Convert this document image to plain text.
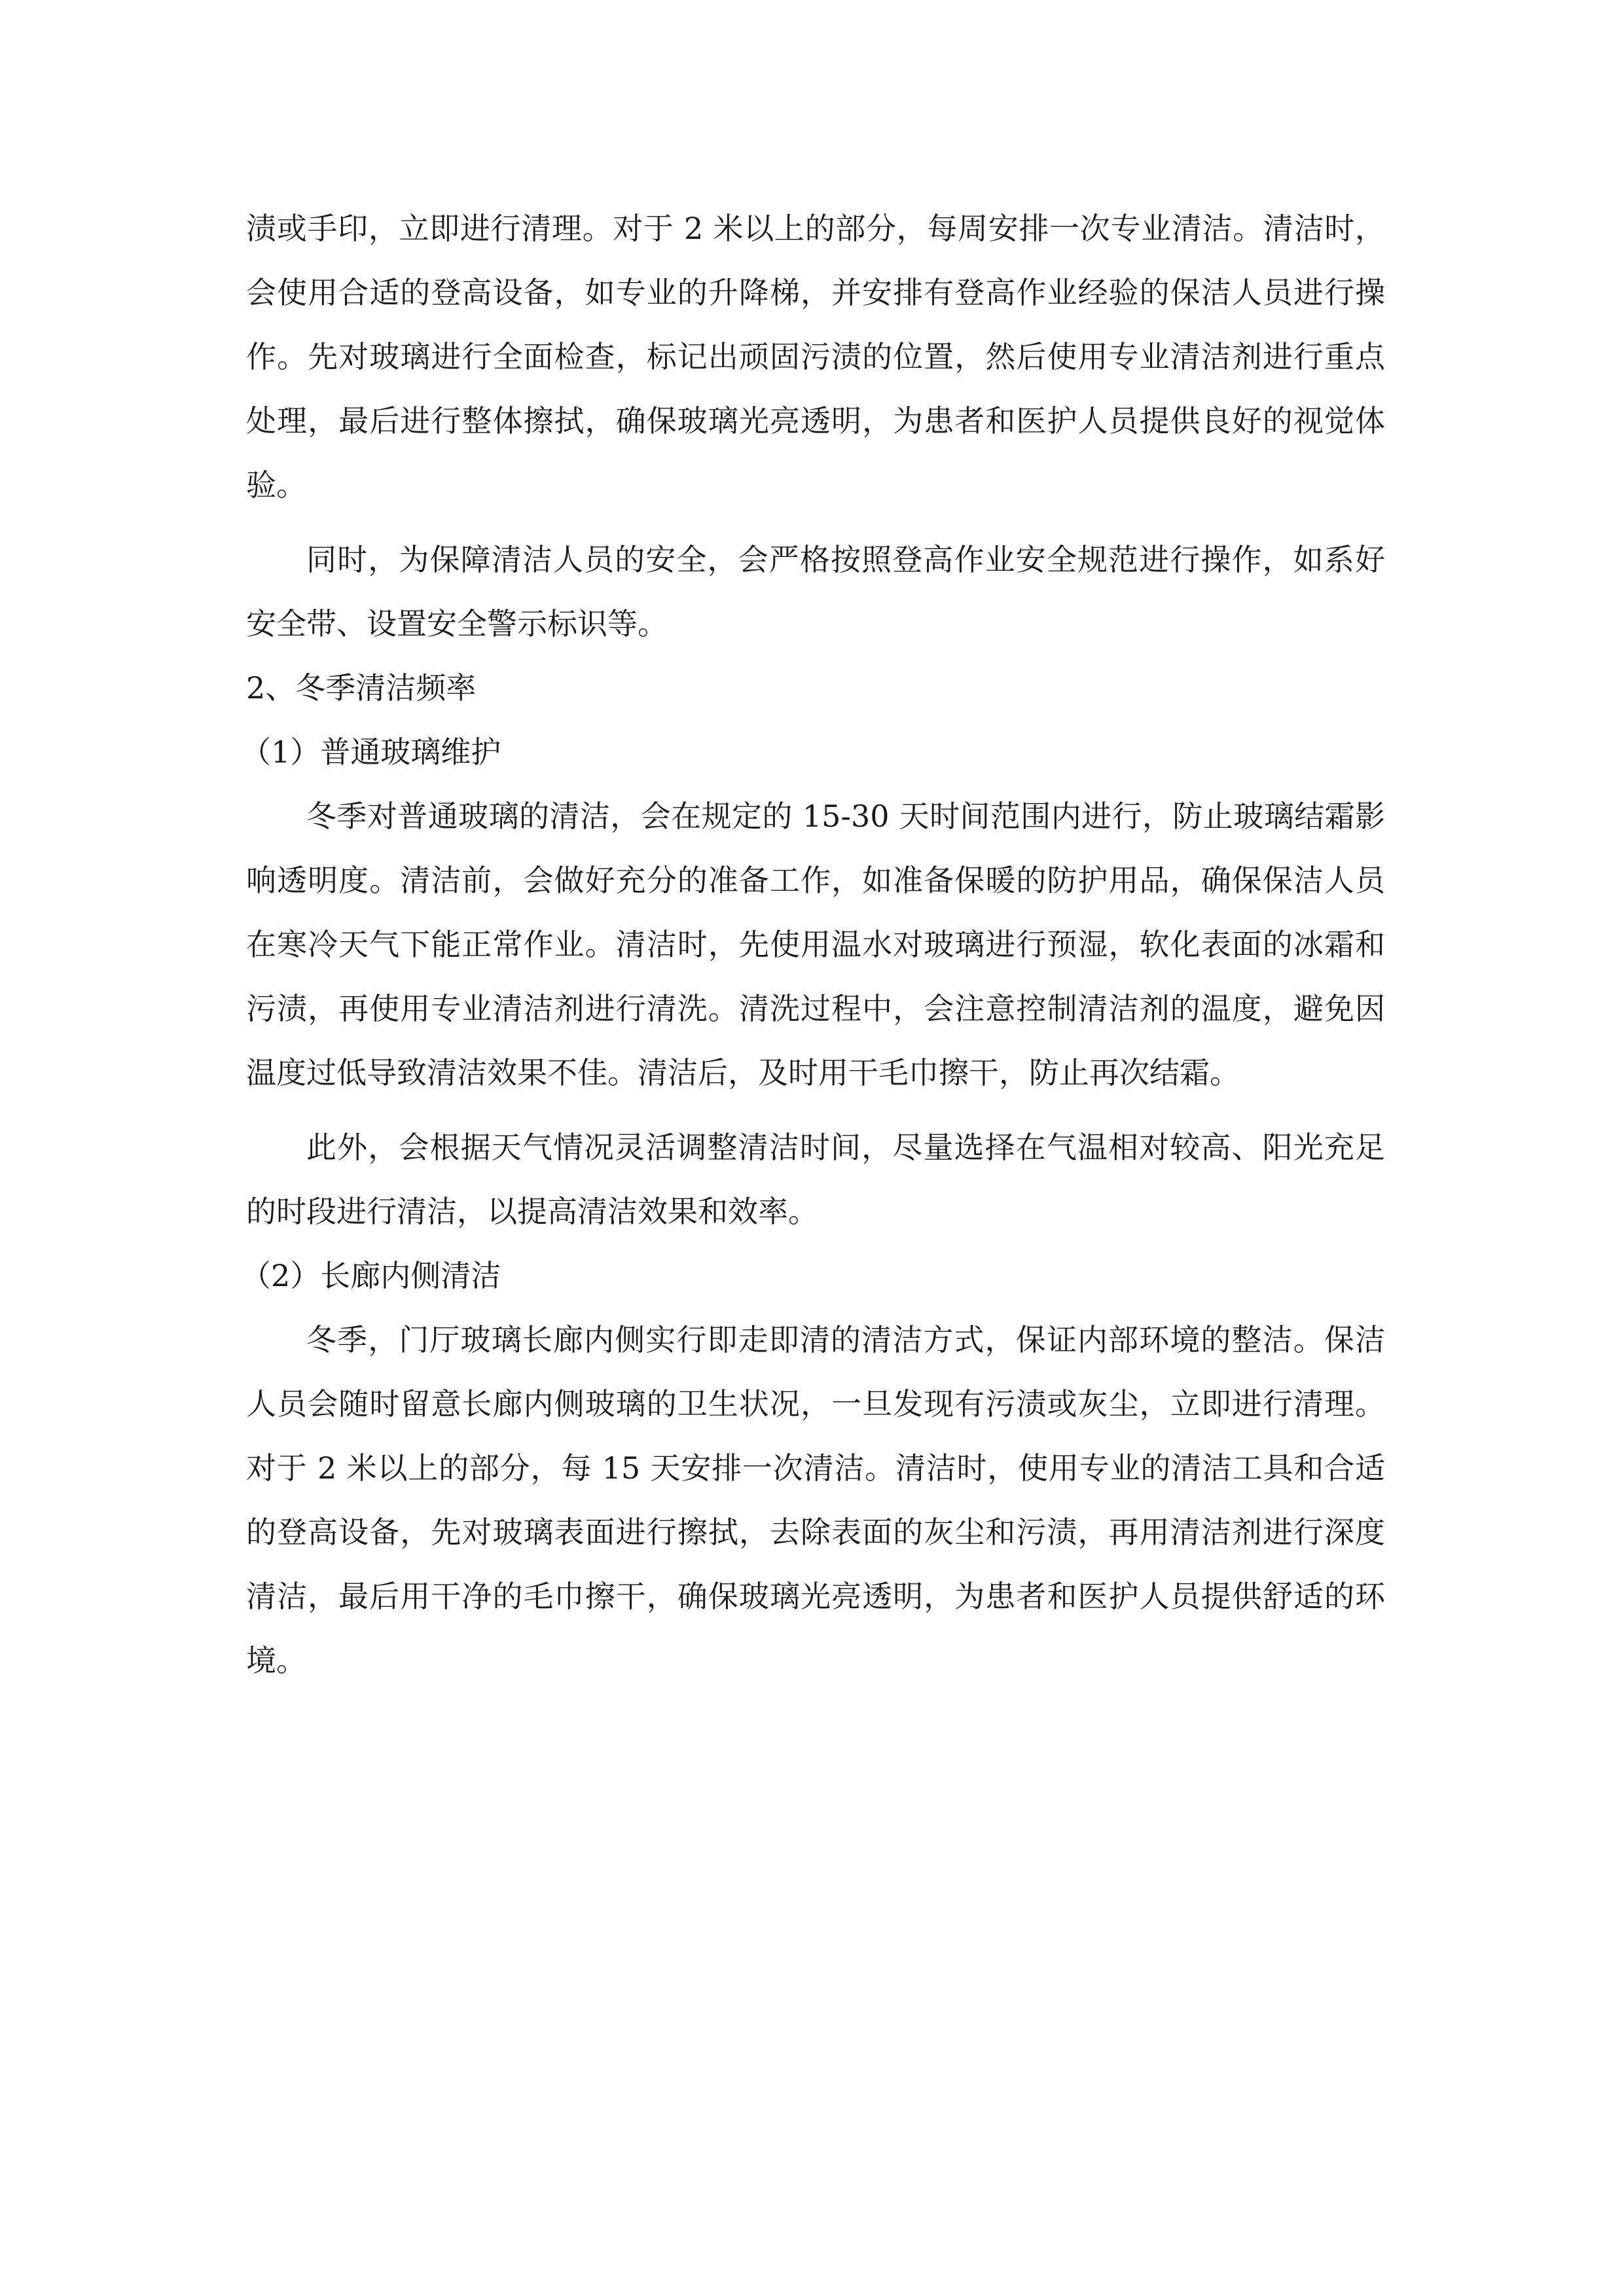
渍或手印，立即进行清理。对于 2 米以上的部分，每周安排一次专业清洁。清洁时，会使用合适的登高设备，如专业的升降梯，并安排有登高作业经验的保洁人员进行操作。先对玻璃进行全面检查，标记出顽固污渍的位置，然后使用专业清洁剂进行重点处理，最后进行整体擦拭，确保玻璃光亮透明，为患者和医护人员提供良好的视觉体验。

同时，为保障清洁人员的安全，会严格按照登高作业安全规范进行操作，如系好安全带、设置安全警示标识等。

2、冬季清洁频率

（1）普通玻璃维护

冬季对普通玻璃的清洁，会在规定的 15-30 天时间范围内进行，防止玻璃结霜影响透明度。清洁前，会做好充分的准备工作，如准备保暖的防护用品，确保保洁人员在寒冷天气下能正常作业。清洁时，先使用温水对玻璃进行预湿，软化表面的冰霜和污渍，再使用专业清洁剂进行清洗。清洗过程中，会注意控制清洁剂的温度，避免因温度过低导致清洁效果不佳。清洁后，及时用干毛巾擦干，防止再次结霜。

此外，会根据天气情况灵活调整清洁时间，尽量选择在气温相对较高、阳光充足的时段进行清洁，以提高清洁效果和效率。

（2）长廊内侧清洁

冬季，门厅玻璃长廊内侧实行即走即清的清洁方式，保证内部环境的整洁。保洁人员会随时留意长廊内侧玻璃的卫生状况，一旦发现有污渍或灰尘，立即进行清理。对于 2 米以上的部分，每 15 天安排一次清洁。清洁时，使用专业的清洁工具和合适的登高设备，先对玻璃表面进行擦拭，去除表面的灰尘和污渍，再用清洁剂进行深度清洁，最后用干净的毛巾擦干，确保玻璃光亮透明，为患者和医护人员提供舒适的环境。
